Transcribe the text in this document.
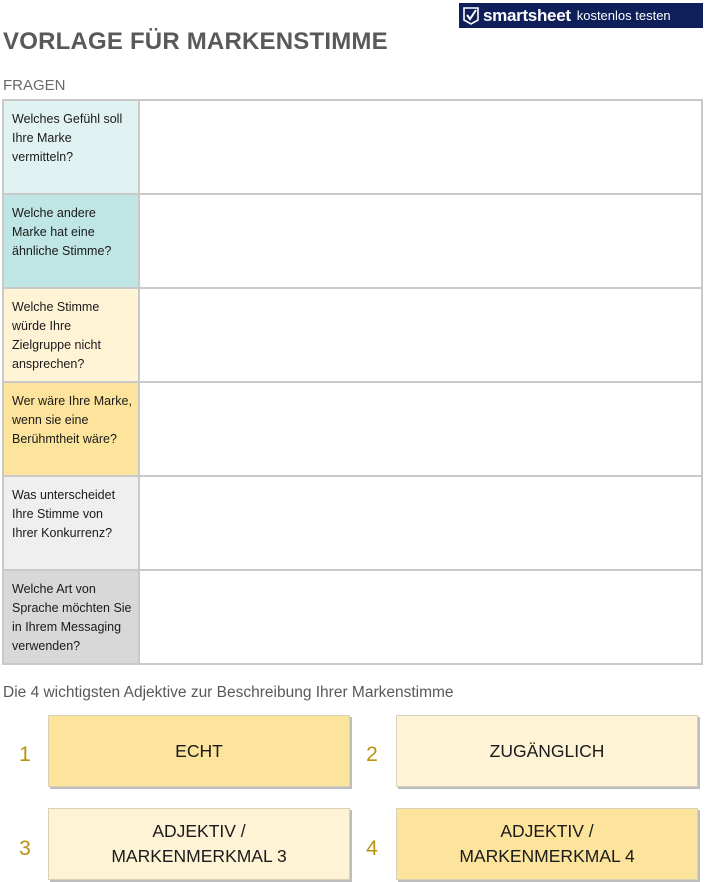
smartsheet kostenlos testen
VORLAGE FÜR MARKENSTIMME
FRAGEN
Welches Gefühl soll Ihre Marke vermitteln?	
Welche andere Marke hat eine ähnliche Stimme?	
Welche Stimme würde Ihre Zielgruppe nicht ansprechen?	
Wer wäre Ihre Marke, wenn sie eine Berühmtheit wäre?	
Was unterscheidet Ihre Stimme von Ihrer Konkurrenz?	
Welche Art von Sprache möchten Sie in Ihrem Messaging verwenden?	
Die 4 wichtigsten Adjektive zur Beschreibung Ihrer Markenstimme
1	ECHT	2	ZUGÄNGLICH
3
ADJEKTIV /
MARKENMERKMAL 3	4
ADJEKTIV /
MARKENMERKMAL 4
